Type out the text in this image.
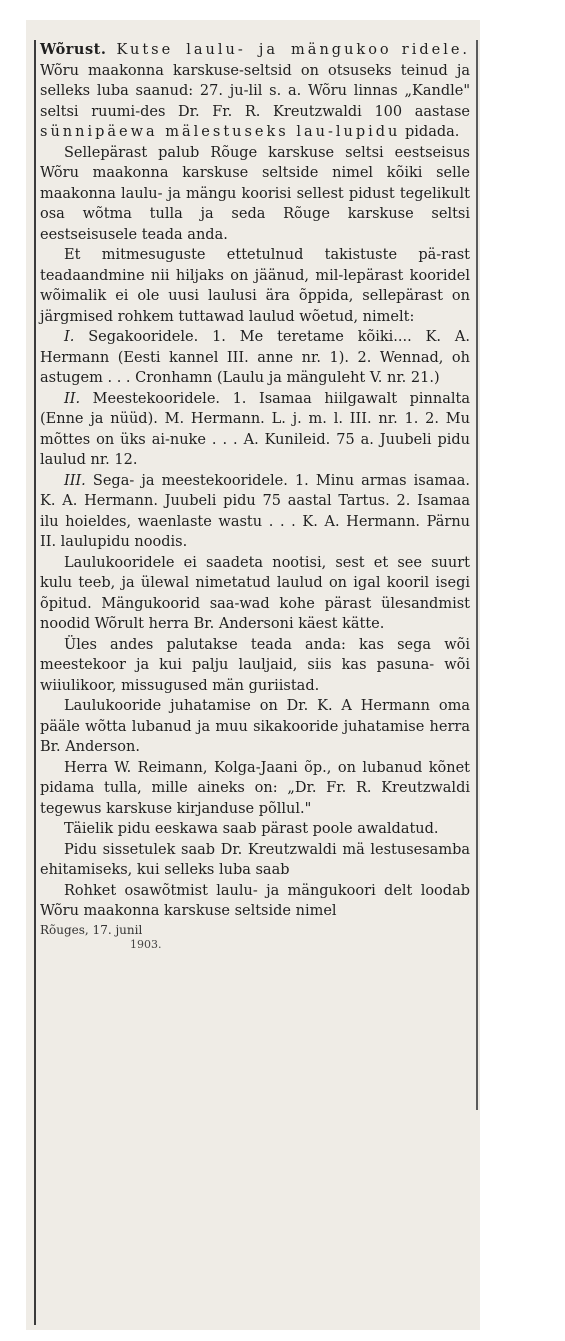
Wõrust. Kutse laulu- ja mängukoo ridele. Wõru maakonna karskuse-seltsid on otsuseks teinud ja selleks luba saanud: 27. ju-lil s. a. Wõru linnas „Kandle" seltsi ruumi-des Dr. Fr. R. Kreutzwaldi 100 aastase sünnipäewa mälestuseks lau-lupidu pidada.

Sellepärast palub Rõuge karskuse seltsi eestseisus Wõru maakonna karskuse seltside nimel kõiki selle maakonna laulu- ja mängu koorisi sellest pidust tegelikult osa wõtma tulla ja seda Rõuge karskuse seltsi eestseisusele teada anda.

Et mitmesuguste ettetulnud takistuste pä-rast teadaandmine nii hiljaks on jäänud, mil-lepärast kooridel wõimalik ei ole uusi laulusi ära õppida, sellepärast on järgmised rohkem tuttawad laulud wõetud, nimelt:

I. Segakooridele. 1. Me teretame kõiki.... K. A. Hermann (Eesti kannel III. anne nr. 1). 2. Wennad, oh astugem . . . Cronhamn (Laulu ja mänguleht V. nr. 21.)

II. Meestekooridele. 1. Isamaa hiilgawalt pinnalta (Enne ja nüüd). M. Hermann. L. j. m. l. III. nr. 1. 2. Mu mõttes on üks ai-nuke . . . A. Kunileid. 75 a. Juubeli pidu laulud nr. 12.

III. Sega- ja meestekooridele. 1. Minu armas isamaa. K. A. Hermann. Juubeli pidu 75 aastal Tartus. 2. Isamaa ilu hoieldes, waenlaste wastu . . . K. A. Hermann. Pärnu II. laulupidu noodis.

Laulukooridele ei saadeta nootisi, sest et see suurt kulu teeb, ja ülewal nimetatud laulud on igal kooril isegi õpitud. Mängukoorid saa-wad kohe pärast ülesandmist noodid Wõrult herra Br. Andersoni käest kätte.

Üles andes palutakse teada anda: kas sega wõi meestekoor ja kui palju lauljaid, siis kas pasuna- wõi wiiulikoor, missugused män guriistad.

Laulukooride juhatamise on Dr. K. A Hermann oma pääle wõtta lubanud ja muu sikakooride juhatamise herra Br. Anderson.

Herra W. Reimann, Kolga-Jaani õp., on lubanud kõnet pidama tulla, mille aineks on: „Dr. Fr. R. Kreutzwaldi tegewus karskuse kirjanduse põllul."

Täielik pidu eeskawa saab pärast poole awaldatud.

Pidu sissetulek saab Dr. Kreutzwaldi mä lestusesamba ehitamiseks, kui selleks luba saab

Rohket osawõtmist laulu- ja mängukoori delt loodab Wõru maakonna karskuse seltside nimel

Rõuges, 17. junil

1903.
